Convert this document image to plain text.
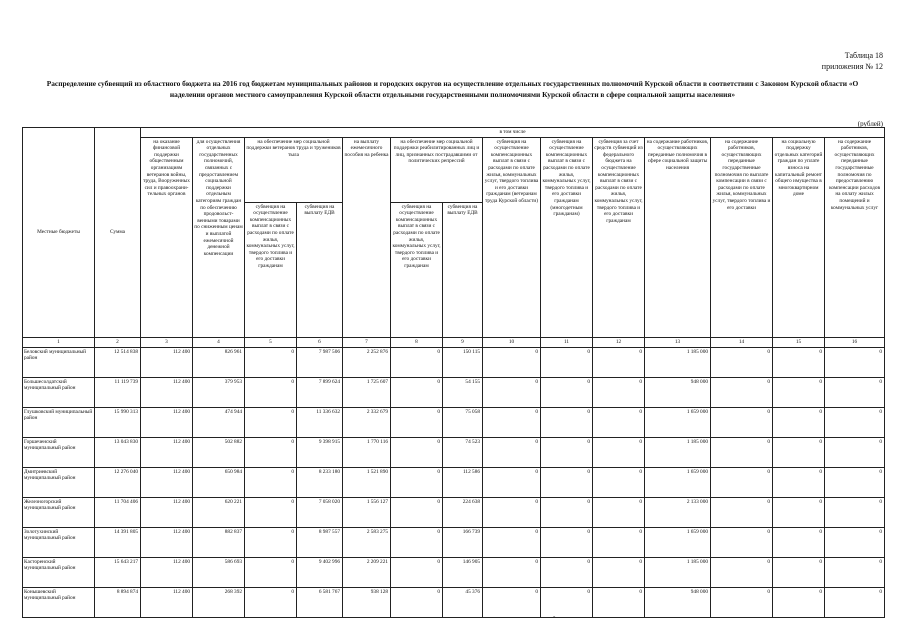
Таблица 18
приложения № 12
Распределение субвенций из областного бюджета на 2016 год бюджетам муниципальных районов и городских округов на осуществление отдельных государственных полномочий Курской области в соответствии с Законом Курской области «О наделении органов местного самоуправления Курской области отдельными государственными полномочиями Курской области в сфере социальной защиты населения»
(рублей)
Местные бюджеты	Сумма	в том числе													
		на оказание финансовой поддержки общественным организациям ветеранов войны, труда, Вооруженных сил и правоохрани-тельных органов	для осуществления отдельных государственных полномочий, связанных с предоставлением социальной поддержки отдельным категориям граждан по обеспечению продовольст-венными товарами по сниженным ценам и выплатой ежемесячной денежной компенсации	на обеспечение мер социальной поддержки ветеранов труда и тружеников тыла		на выплату ежемесячного пособия на ребенка	на обеспечение мер социальной поддержки реабилитированных лиц и лиц, признанных пострадавшими от политических репрессий		субвенция на осуществление компенсационных выплат в связи с расходами по оплате жилья, коммунальных услуг, твердого топлива и его доставки гражданам (ветеранам труда Курской области)	субвенция на осуществление компенсационных выплат в связи с расходами по оплате жилья, коммунальных услуг, твердого топлива и его доставки гражданам (многодетным гражданам)	субвенция за счет средств субвенций из федерального бюджета на осуществление компенсационных выплат в связи с расходами по оплате жилья, коммунальных услуг, твердого топлива и его доставки гражданам	на содержание работников, осуществляющих переданные полномочия в сфере социальной защиты населения	на содержание работников, осуществляющих переданные государственные полномочия по выплате компенсации в связи с расходами по оплате жилья, коммунальных услуг, твердого топлива и его доставки	на социальную поддержку отдельных категорий граждан по уплате взноса на капитальный ремонт общего имущества в многоквартирном доме	на содержание работников, осуществляющих переданные государственные полномочия по предоставлению компенсации расходов на оплату жилых помещений и коммунальных услуг
				субвенция на осуществление компенсационных выплат в связи с расходами по оплате жилья, коммунальных услуг, твердого топлива и его доставки гражданам	субвенция на выплату ЕДВ		субвенция на осуществление компенсационных выплат в связи с расходами по оплате жилья, коммунальных услуг, твердого топлива и его доставки гражданам	субвенция на выплату ЕДВ							
1	2	3	4	5	6	7	8	9	10	11	12	13	14	15	16
Беловский муниципальный район	12 514 838	112 400	826 961	0	7 987 506	2 252 876	0	150 115	0	0	0	1 185 000	0	0	0
Большесолдатский муниципальный район	11 119 739	112 400	379 953	0	7 899 624	1 725 607	0	54 155	0	0	0	948 000	0	0	0
Глушковский муниципальный район	15 990 313	112 400	474 944	0	11 336 632	2 332 679	0	75 058	0	0	0	1 659 000	0	0	0
Горшеченский муниципальный район	13 043 830	112 400	502 882	0	9 398 915	1 770 116	0	74 523	0	0	0	1 185 000	0	0	0
Дмитриевский муниципальный район	12 276 040	112 400	650 984	0	8 233 180	1 521 890	0	112 586	0	0	0	1 659 000	0	0	0
Железногорский муниципальный район	11 704 406	112 400	620 221	0	7 058 020	1 556 127	0	224 638	0	0	0	2 133 000	0	0	0
Золотухинский муниципальный район	14 391 805	112 400	882 837	0	8 987 557	2 583 275	0	166 739	0	0	0	1 659 000	0	0	0
Касторенский муниципальный район	15 643 217	112 400	586 693	0	9 402 996	2 209 221	0	146 905	0	0	0	1 185 000	0	0	0
Конышевский муниципальный район	8 894 874	112 400	268 392	0	6 581 767	938 128	0	45 376	0	0	0	948 000	0	0	0
-
